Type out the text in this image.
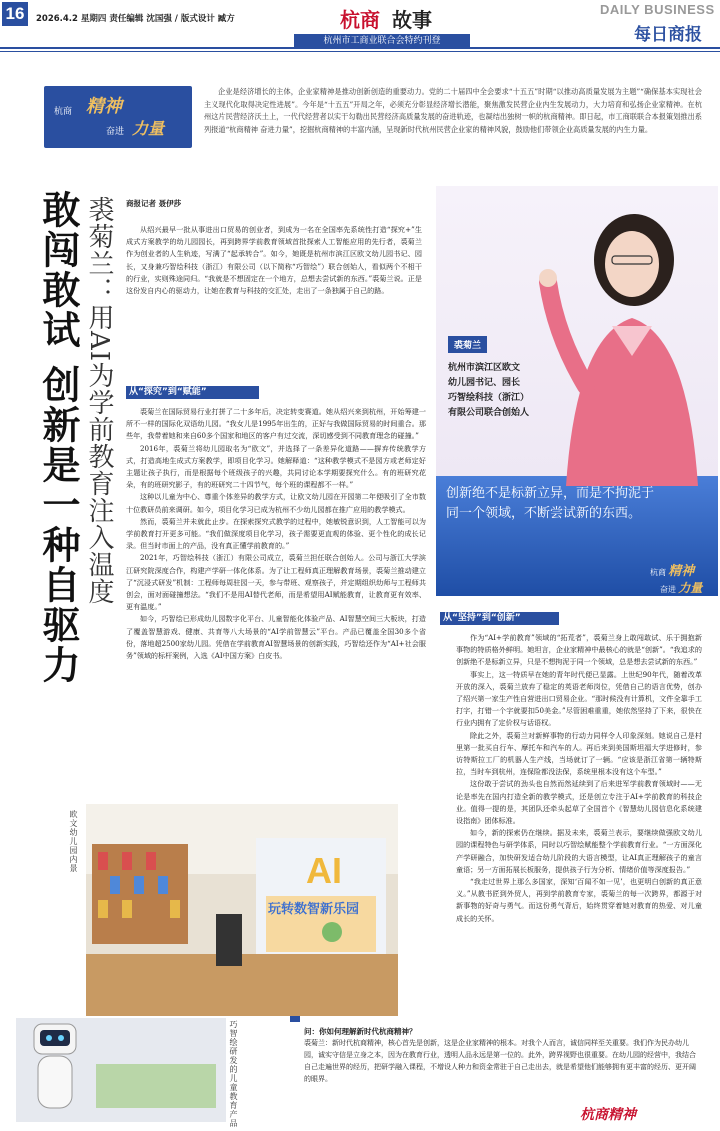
16	2026.4.2 星期四 责任编辑 沈国强 / 版式设计 臧方	杭商 故事
杭州市工商业联合会特约刊登
DAILY BUSINESS
每日商报
杭商 精神
奋进 力量
企业是经济增长的主体，企业家精神是推动创新创造的重要动力。党的二十届四中全会要求“十五五”时期“以推动高质量发展为主题”“确保基本实现社会主义现代化取得决定性进展”。今年是“十五五”开局之年，必须充分彰显经济增长潜能，聚焦激发民营企业内生发展动力，大力培育和弘扬企业家精神。在杭州这片民营经济沃土上，一代代经营者以实干勾勒出民营经济高质量发展的奋进轨迹，也凝结出独树一帜的杭商精神。即日起，市工商联联合本报策划推出系列报道“杭商精神 奋进力量”，挖掘杭商精神的丰富内涵，呈现新时代杭州民营企业家的精神风貌，鼓励他们带领企业高质量发展的内生力量。
敢闯敢试 创新是一种自驱力 裘菊兰：用AI为学前教育注入温度 商报记者 聂伊莎

从绍兴最早一批从事进出口贸易的创业者，到成为一名在全国率先系统性打造“探究+”生成式方案教学的幼儿园园长，再到跨界学前教育领域首批探索人工智能应用的先行者，裘菊兰作为创业者的人生轨迹，写满了“起承转合”。如今，她既是杭州市滨江区欧文幼儿园书记、园长，又身兼巧智绘科技（浙江）有限公司（以下简称“巧智绘”）联合创始人，看似两个不相干的行业，实则殊途同归。“我就是不想固定在一个地方，总想去尝试新的东西。”裘菊兰说。正是这份发自内心的驱动力，让她在教育与科技的交汇处，走出了一条独属于自己的路。

从“探究”到“赋能”

裘菊兰在国际贸易行业打拼了二十多年后，决定转变赛道。她从绍兴来到杭州，开始筹建一所不一样的国际化双语幼儿园。“我女儿是1995年出生的，正好与我做国际贸易的时间重合。那些年，我带着她和来自60多个国家和地区的客户有过交流，深切感受到不同教育理念的碰撞。”

2016年，裘菊兰将幼儿园取名为“欧文”，并选择了一条差异化道路——摒弃传统教学方式，打造高地生成式方案教学，即项目化学习。她解释道：“这种教学模式不是园方或老师定好主题让孩子执行，而是根据每个班级孩子的兴趣，共同讨论本学期要探究什么。有的班研究花朵，有的班研究影子，有的班研究二十四节气，每个班的课程都不一样。”

这种以儿童为中心、尊重个体差异的教学方式，让欧文幼儿园在开园第二年便吸引了全市数十位教研员前来调研。如今，项目化学习已成为杭州不少幼儿园都在推广应用的教学模式。

然而，裘菊兰并未就此止步。在探索探究式教学的过程中，她敏锐意识到，人工智能可以为学前教育打开更多可能。“我们做深度项目化学习，孩子需要更直观的体验、更个性化的成长记录。但当时市面上的产品，没有真正懂学前教育的。”

2021年，巧智绘科技（浙江）有限公司成立，裘菊兰担任联合创始人。公司与浙江大学滨江研究院深度合作，构建产学研一体化体系。为了让工程师真正理解教育场景，裘菊兰推动建立了“沉浸式研发”机制：工程师每周驻园一天，参与带班、观察孩子，并定期组织幼师与工程师共创会，面对面碰撞想法。“我们不是用AI替代老师，而是希望用AI赋能教育，让教育更有效率、更有温度。”

如今，巧智绘已形成幼儿园数字化平台、儿童智能化体验产品、AI智慧空间三大板块，打造了覆盖智慧游戏、健康、共育等八大场景的“AI学前智慧云”平台。产品已覆盖全国30多个省份，落地超2500家幼儿园。凭借在学前教育AI智慧场景的创新实践，巧智绘还作为“AI+社会服务”领域的标杆案例，入选《AI中国方案》白皮书。

裘菊兰
杭州市滨江区欧文
幼儿园书记、园长
巧智绘科技（浙江）
有限公司联合创始人
创新绝不是标新立异，而是不拘泥于
同一个领域，不断尝试新的东西。
杭商 精神
奋进 力量
从“坚持”到“创新”

作为“AI+学前教育”领域的“拓荒者”，裘菊兰身上敢闯敢试、乐于拥抱新事物的特质格外鲜明。她坦言，企业家精神中最核心的就是“创新”。“我追求的创新绝不是标新立异，只是不想拘泥于同一个领域，总是想去尝试新的东西。”

事实上，这一特质早在她的青年时代便已显露。上世纪90年代，随着改革开放的深入，裘菊兰放弃了稳定的英语老师岗位，凭借自己的语言优势，创办了绍兴第一家生产性自营进出口贸易企业。“那时候没有计算机，文件全靠手工打字，打错一个字就要扣50美金。”尽管困难重重，她依然坚持了下来，很快在行业内拥有了定价权与话语权。

除此之外，裘菊兰对新鲜事物的行动力同样令人印象深刻。她说自己是村里第一批买自行车、摩托车和汽车的人。再后来到美国斯坦福大学进修时，参访特斯拉工厂的机器人生产线，当场就订了一辆。“应该是浙江省第一辆特斯拉，当时车到杭州，连保险都没法保，系统里根本没有这个车型。”

这份敢于尝试的劲头也自然而然延续到了后来进军学前教育领域时——无论是率先在国内打造全新的教学模式，还是创立专注于AI+学前教育的科技企业。值得一提的是，其团队还牵头起草了全国首个《智慧幼儿园信息化系统建设指南》团体标准。

如今，新的探索仍在继续。据及未来，裘菊兰表示，要继续做强欧文幼儿园的课程特色与研学体系，同时以巧智绘赋能整个学前教育行业。“一方面深化产学研融合，加快研发适合幼儿阶段的大语言模型，让AI真正理解孩子的童言童语；另一方面拓展长板服务，提供孩子行为分析、情绪价值等深度报告。”

“我走过世界上那么多国家，深知‘百闻不如一见’，也更明白创新的真正意义。”从教书匠到外贸人，再到学前教育专家，裘菊兰的每一次跨界，都源于对新事物的好奇与勇气。而这份勇气背后，始终贯穿着她对教育的热爱、对儿童成长的关怀。

欧文幼儿园内景	AI
玩转数智新乐园
巧智绘研发的儿童教育产品	问：你如何理解新时代杭商精神？
裘菊兰：新时代杭商精神，核心首先是创新，这是企业家精神的根本。对我个人而言，诚信同样至关重要。我们作为民办幼儿园，诚实守信是立身之本，因为在教育行业，透明人品永远是第一位的。此外，跨界视野也很重要。在幼儿园的经营中，我结合自己走遍世界的经历，把研学融入课程，不增设人种力和资金常驻于自己走出去，就是希望他们能够拥有更丰富的经历、更开阔的眼界。
杭商精神
